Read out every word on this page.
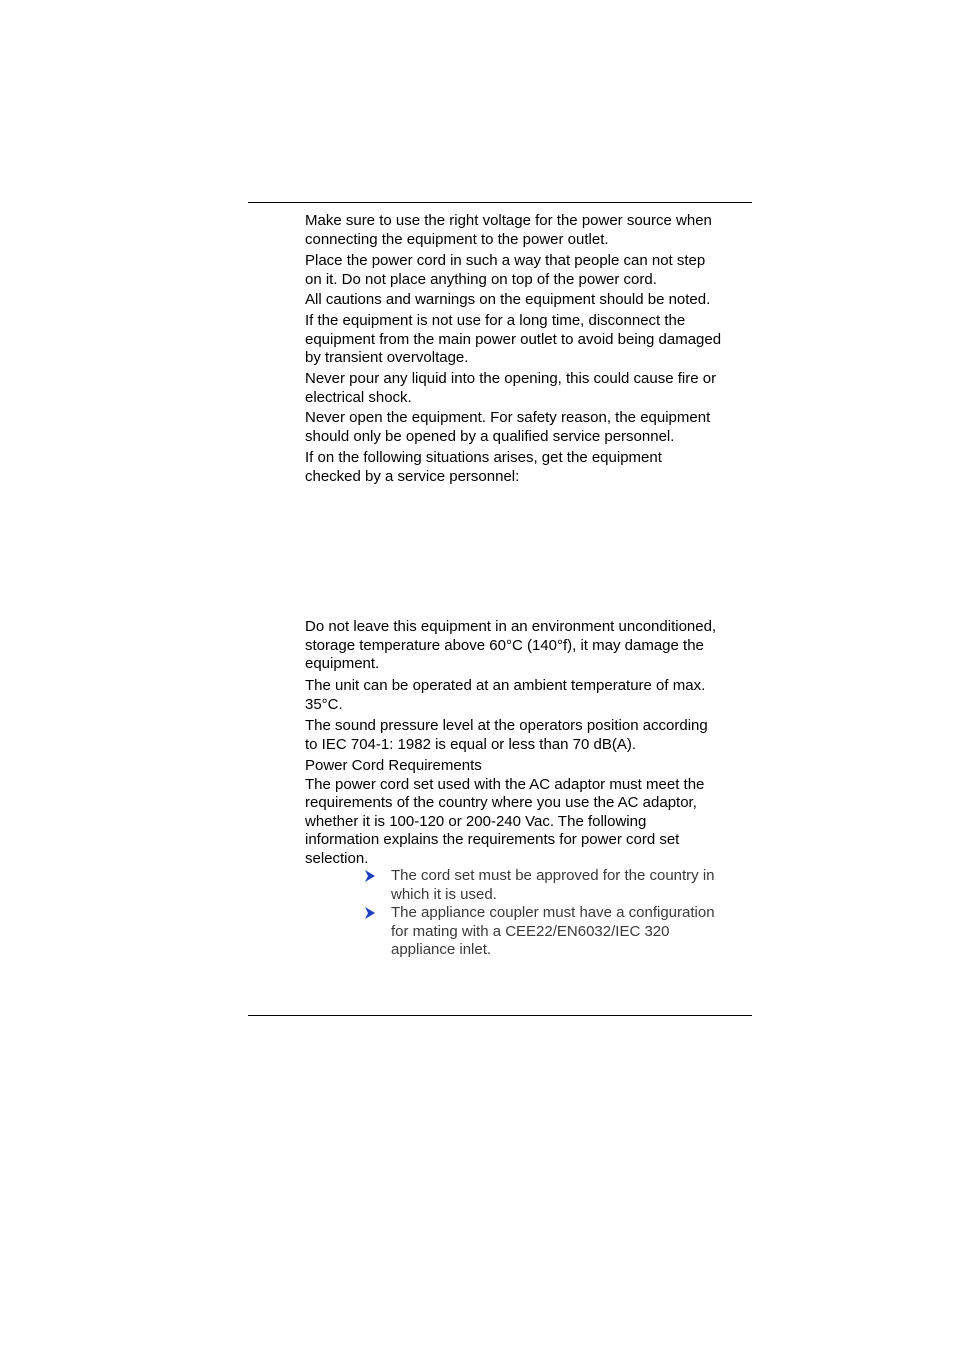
Make sure to use the right voltage for the power source when
connecting the equipment to the power outlet.
Place the power cord in such a way that people can not step
on it. Do not place anything on top of the power cord.
All cautions and warnings on the equipment should be noted.
If the equipment is not use for a long time, disconnect the
equipment from the main power outlet to avoid being damaged
by transient overvoltage.
Never pour any liquid into the opening, this could cause fire or
electrical shock.
Never open the equipment. For safety reason, the equipment
should only be opened by a qualified service personnel.
If on the following situations arises, get the equipment
checked by a service personnel:
Do not leave this equipment in an environment unconditioned,
storage temperature above 60°C (140°f), it may damage the
equipment.
The unit can be operated at an ambient temperature of max.
35°C.
The sound pressure level at the operators position according
to IEC 704-1: 1982 is equal or less than 70 dB(A).
Power Cord Requirements
The power cord set used with the AC adaptor must meet the
requirements of the country where you use the AC adaptor,
whether it is 100-120 or 200-240 Vac. The following
information explains the requirements for power cord set
selection.
The cord set must be approved for the country in
which it is used.
The appliance coupler must have a configuration
for mating with a CEE22/EN6032/IEC 320
appliance inlet.
